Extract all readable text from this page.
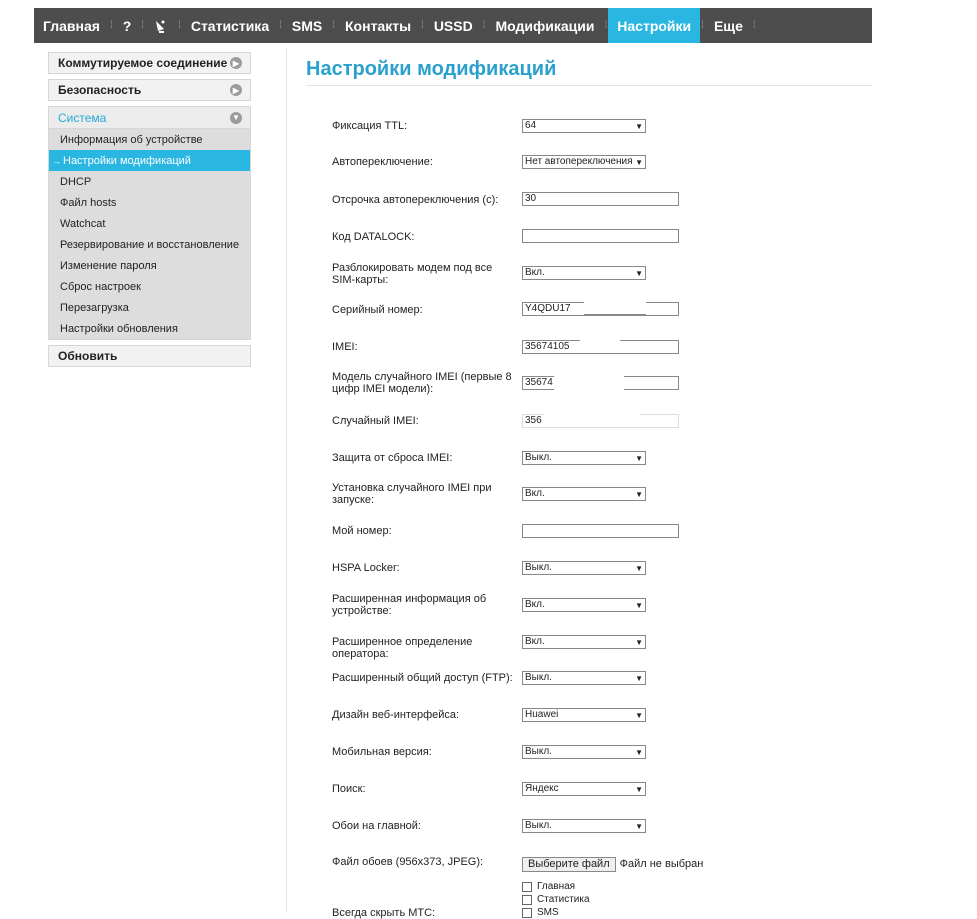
Главная	⁞ ?	⁞	⁞ Статистика	⁞ SMS	⁞ Контакты	⁞ USSD	⁞ Модификации	⁞ Настройки	⁞ Еще	⁞
Коммутируемое соединение ▶
Безопасность	▶
Система	▼
Информация об устройстве
→ Настройки модификаций
DHCP
Файл hosts
Watchcat
Резервирование и восстановление
Изменение пароля
Сброс настроек
Перезагрузка
Настройки обновления
Обновить
Настройки модификаций
Фиксация TTL:	64	▼
Автопереключение:	Нет автопереключения ▼
Отсрочка автопереключения (с):	30
Код DATALOCK:
Разблокировать модем под все SIM-карты:
Вкл.	▼
Серийный номер:	Y4QDU17
IMEI:	35674105
Модель случайного IMEI (первые 8 цифр IMEI модели):
35674
Случайный IMEI:	356
Защита от сброса IMEI:	Выкл.	▼
Установка случайного IMEI при запуске:
Вкл.	▼
Мой номер:
HSPA Locker:	Выкл.	▼
Расширенная информация об устройстве:
Вкл.	▼
Расширенное определение оператора:
Вкл.	▼
Расширенный общий доступ (FTP):	Выкл.	▼
Дизайн веб-интерфейса:	Huawei	▼
Мобильная версия:	Выкл.	▼
Поиск:	Яндекс	▼
Обои на главной:	Выкл.	▼
Файл обоев (956x373, JPEG):	Выберите файл Файл не выбран
Всегда скрыть МТС:
Главная
Статистика
SMS
